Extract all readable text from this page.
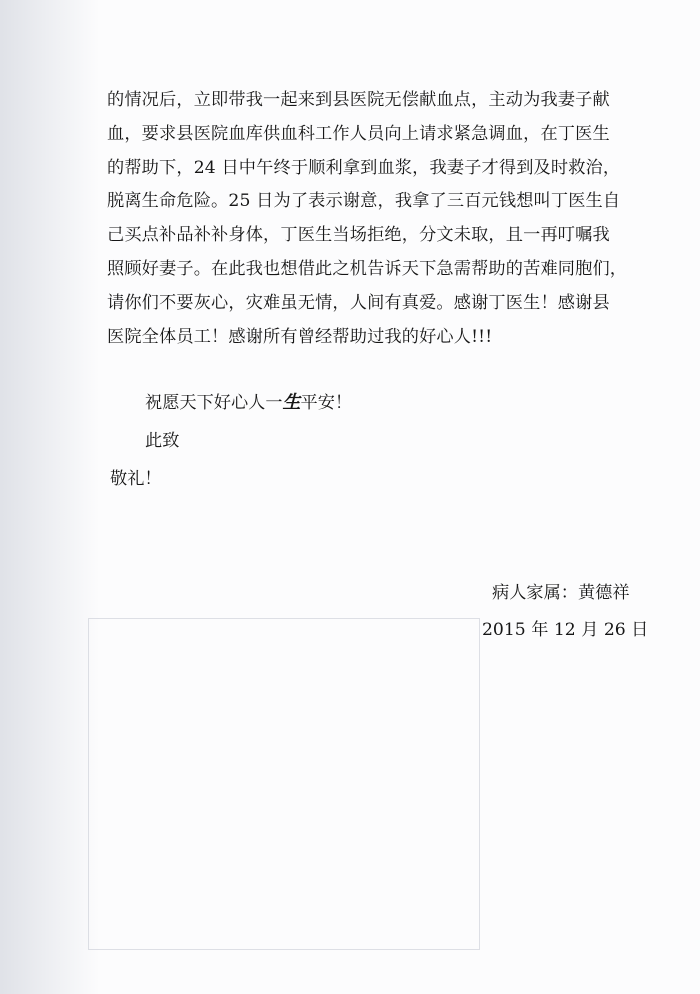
的情况后，立即带我一起来到县医院无偿献血点，主动为我妻子献
血，要求县医院血库供血科工作人员向上请求紧急调血，在丁医生
的帮助下，24 日中午终于顺利拿到血浆，我妻子才得到及时救治，
脱离生命危险。25 日为了表示谢意，我拿了三百元钱想叫丁医生自
己买点补品补补身体，丁医生当场拒绝，分文未取，且一再叮嘱我
照顾好妻子。在此我也想借此之机告诉天下急需帮助的苦难同胞们，
请你们不要灰心，灾难虽无情，人间有真爱。感谢丁医生！感谢县
医院全体员工！感谢所有曾经帮助过我的好心人!!!
祝愿天下好心人一生平安！
此致
敬礼！
病人家属：黄德祥
2015 年 12 月 26 日
